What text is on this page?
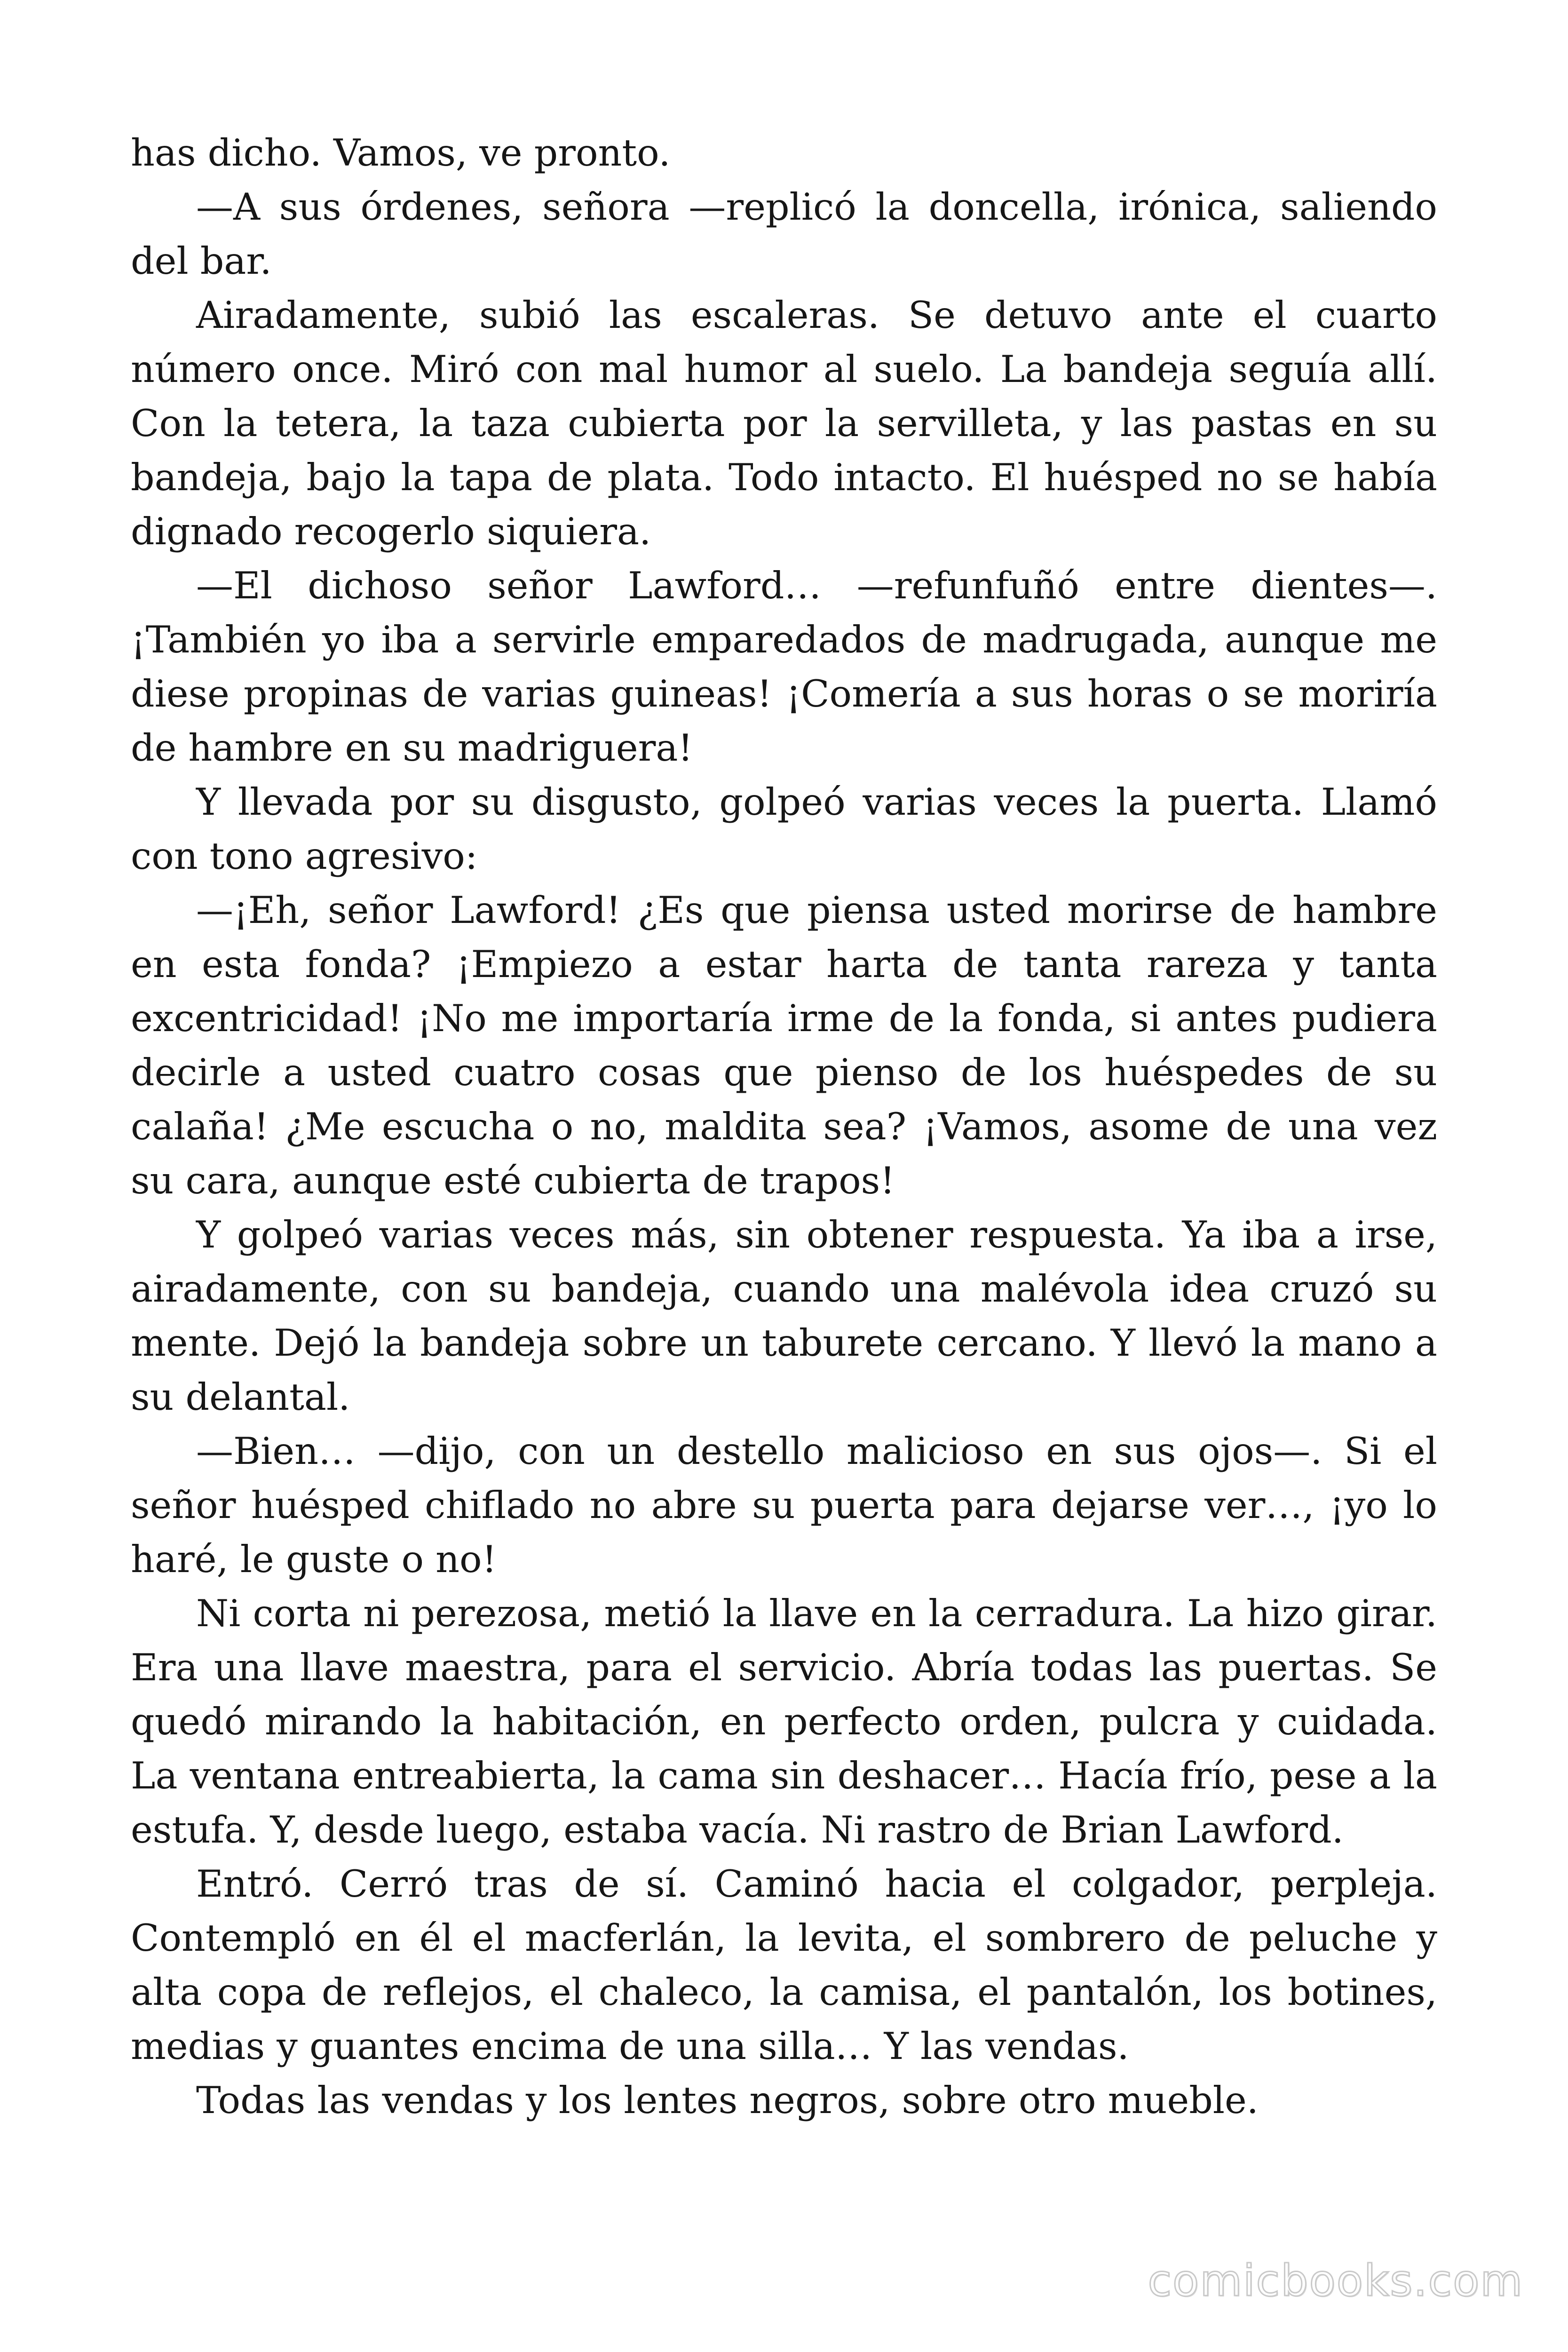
has dicho. Vamos, ve pronto.

—A sus órdenes, señora —replicó la doncella, irónica, saliendo del bar.

Airadamente, subió las escaleras. Se detuvo ante el cuarto número once. Miró con mal humor al suelo. La bandeja seguía allí. Con la tetera, la taza cubierta por la servilleta, y las pastas en su bandeja, bajo la tapa de plata. Todo intacto. El huésped no se había dignado recogerlo siquiera.

—El dichoso señor Lawford… —refunfuñó entre dientes—. ¡También yo iba a servirle emparedados de madrugada, aunque me diese propinas de varias guineas! ¡Comería a sus horas o se moriría de hambre en su madriguera!

Y llevada por su disgusto, golpeó varias veces la puerta. Llamó con tono agresivo:

—¡Eh, señor Lawford! ¿Es que piensa usted morirse de hambre en esta fonda? ¡Empiezo a estar harta de tanta rareza y tanta excentricidad! ¡No me importaría irme de la fonda, si antes pudiera decirle a usted cuatro cosas que pienso de los huéspedes de su calaña! ¿Me escucha o no, maldita sea? ¡Vamos, asome de una vez su cara, aunque esté cubierta de trapos!

Y golpeó varias veces más, sin obtener respuesta. Ya iba a irse, airadamente, con su bandeja, cuando una malévola idea cruzó su mente. Dejó la bandeja sobre un taburete cercano. Y llevó la mano a su delantal.

—Bien… —dijo, con un destello malicioso en sus ojos—. Si el señor huésped chiflado no abre su puerta para dejarse ver…, ¡yo lo haré, le guste o no!

Ni corta ni perezosa, metió la llave en la cerradura. La hizo girar. Era una llave maestra, para el servicio. Abría todas las puertas. Se quedó mirando la habitación, en perfecto orden, pulcra y cuidada. La ventana entreabierta, la cama sin deshacer… Hacía frío, pese a la estufa. Y, desde luego, estaba vacía. Ni rastro de Brian Lawford.

Entró. Cerró tras de sí. Caminó hacia el colgador, perpleja. Contempló en él el macferlán, la levita, el sombrero de peluche y alta copa de reflejos, el chaleco, la camisa, el pantalón, los botines, medias y guantes encima de una silla… Y las vendas.

Todas las vendas y los lentes negros, sobre otro mueble.

comicbooks.com
